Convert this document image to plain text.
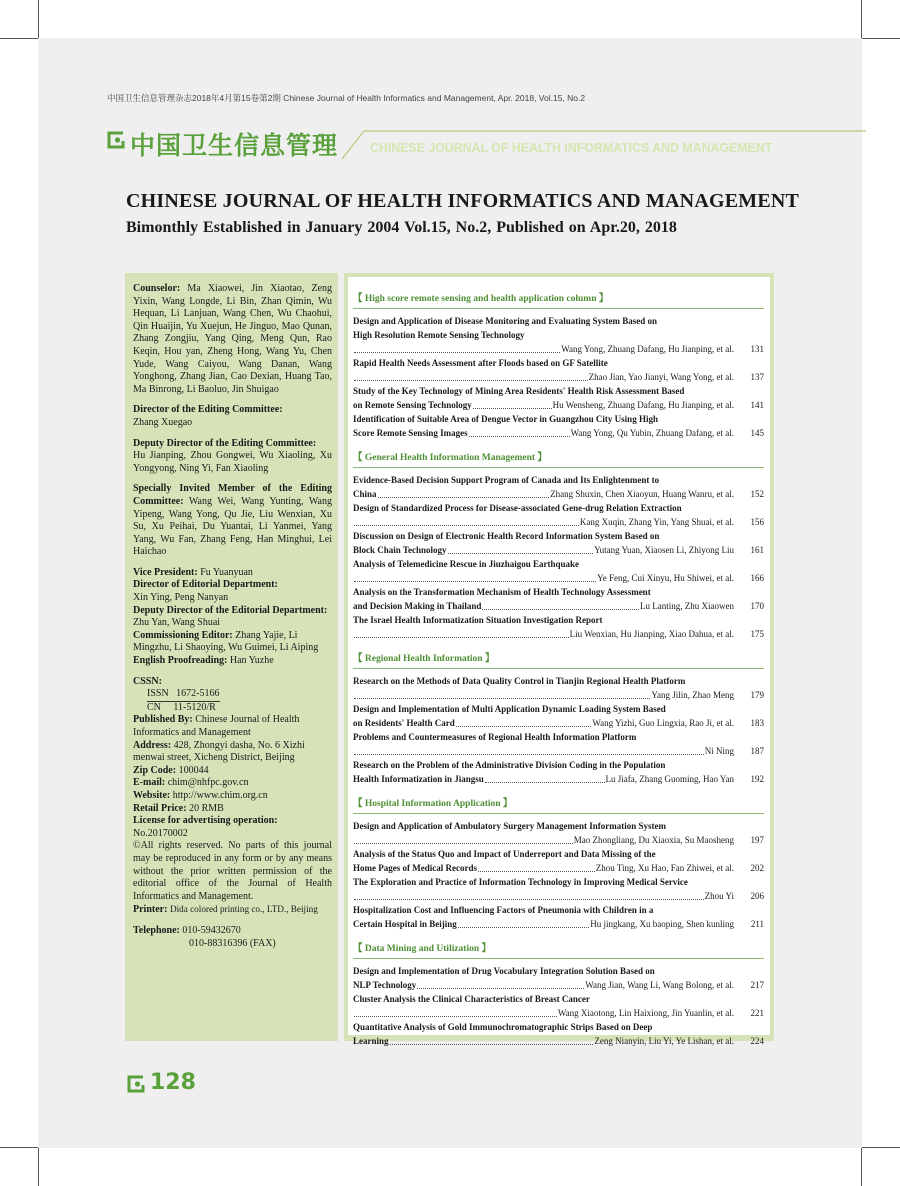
中国卫生信息管理杂志2018年4月第15卷第2期 Chinese Journal of Health Informatics and Management, Apr. 2018, Vol.15, No.2
中国卫生信息管理 CHINESE JOURNAL OF HEALTH INFORMATICS AND MANAGEMENT
CHINESE JOURNAL OF HEALTH INFORMATICS AND MANAGEMENT
Bimonthly Established in January 2004 Vol.15, No.2, Published on Apr.20, 2018
Counselor: Ma Xiaowei, Jin Xiaotao, Zeng Yixin, Wang Longde, Li Bin, Zhan Qimin, Wu Hequan, Li Lanjuan, Wang Chen, Wu Chaohui, Qin Huaijin, Yu Xuejun, He Jinguo, Mao Qunan, Zhang Zongjiu, Yang Qing, Meng Qun, Rao Keqin, Hou yan, Zheng Hong, Wang Yu, Chen Yude, Wang Caiyou, Wang Danan, Wang Yonghong, Zhang Jian, Cao Dexian, Huang Tao, Ma Binrong, Li Baoluo, Jin Shuigao
Director of the Editing Committee:
Zhang Xuegao
Deputy Director of the Editing Committee:
Hu Jianping, Zhou Gongwei, Wu Xiaoling, Xu Yongyong, Ning Yi, Fan Xiaoling
Specially Invited Member of the Editing Committee: Wang Wei, Wang Yunting, Wang Yipeng, Wang Yong, Qu Jie, Liu Wenxian, Xu Su, Xu Peihai, Du Yuantai, Li Yanmei, Yang Yang, Wu Fan, Zhang Feng, Han Minghui, Lei Haichao
Vice President: Fu Yuanyuan
Director of Editorial Department:
Xin Ying, Peng Nanyan
Deputy Director of the Editorial Department: Zhu Yan, Wang Shuai
Commissioning Editor: Zhang Yajie, Li Mingzhu, Li Shaoying, Wu Guimei, Li Aiping
English Proofreading: Han Yuzhe
CSSN:
ISSN   1672-5166
CN     11-5120/R
Published By: Chinese Journal of Health Informatics and Management
Address: 428, Zhongyi dasha, No. 6 Xizhi menwai street, Xicheng District, Beijing
Zip Code: 100044
E-mail: chim@nhfpc.gov.cn
Website: http://www.chim.org.cn
Retail Price: 20 RMB
License for advertising operation:
No.20170002

©All rights reserved. No parts of this journal may be reproduced in any form or by any means without the prior written permission of the editorial office of the Journal of Health Informatics and Management.
Printer: Dida colored printing co., LTD., Beijing
Telephone: 010-59432670
010-88316396 (FAX)
【 High score remote sensing and health application column 】
Design and Application of Disease Monitoring and Evaluating System Based on
High Resolution Remote Sensing Technology
Wang Yong, Zhuang Dafang, Hu Jianping, et al.	131
Rapid Health Needs Assessment after Floods based on GF Satellite
Zhao Jian, Yao Jianyi, Wang Yong, et al.	137
Study of the Key Technology of Mining Area Residents' Health Risk Assessment Based
on Remote Sensing Technology	Hu Wensheng, Zhuang Dafang, Hu Jianping, et al.	141
Identification of Suitable Area of Dengue Vector in Guangzhou City Using High
Score Remote Sensing Images	Wang Yong, Qu Yubin, Zhuang Dafang, et al.	145
【 General Health Information Management 】
Evidence-Based Decision Support Program of Canada and Its Enlightenment to
China	Zhang Shuxin, Chen Xiaoyun, Huang Wanru, et al.	152
Design of Standardized Process for Disease-associated Gene-drug Relation Extraction
Kang Xuqin, Zhang Yin, Yang Shuai, et al.	156
Discussion on Design of Electronic Health Record Information System Based on
Block Chain Technology	Yutang Yuan, Xiaosen Li, Zhiyong Liu	161
Analysis of Telemedicine Rescue in Jiuzhaigou Earthquake
Ye Feng, Cui Xinyu, Hu Shiwei, et al.	166
Analysis on the Transformation Mechanism of Health Technology Assessment
and Decision Making in Thailand	Lu Lanting, Zhu Xiaowen	170
The Israel Health Informatization Situation Investigation Report
Liu Wenxian, Hu Jianping, Xiao Dahua, et al.	175
【 Regional Health Information 】
Research on the Methods of Data Quality Control in Tianjin Regional Health Platform
Yang Jilin, Zhao Meng	179
Design and Implementation of Multi Application Dynamic Loading System Based
on Residents' Health Card	Wang Yizhi, Guo Lingxia, Rao Ji, et al.	183
Problems and Countermeasures of Regional Health Information Platform
Ni Ning	187
Research on the Problem of the Administrative Division Coding in the Population
Health Informatization in Jiangsu	Lu Jiafa, Zhang Guoming, Hao Yan	192
【 Hospital Information Application 】
Design and Application of Ambulatory Surgery Management Information System
Mao Zhongliang, Du Xiaoxia, Su Maosheng	197
Analysis of the Status Quo and Impact of Underreport and Data Missing of the
Home Pages of Medical Records	Zhou Ting, Xu Hao, Fan Zhiwei, et al.	202
The Exploration and Practice of Information Technology in Improving Medical Service
Zhou Yi	206
Hospitalization Cost and Influencing Factors of Pneumonia with Children in a
Certain Hospital in Beijing	Hu jingkang, Xu baoping, Shen kunling	211
【 Data Mining and Utilization 】
Design and Implementation of Drug Vocabulary Integration Solution Based on
NLP Technology	Wang Jian, Wang Li, Wang Bolong, et al.	217
Cluster Analysis the Clinical Characteristics of Breast Cancer
Wang Xiaotong, Lin Haixiong, Jin Yuanlin, et al.	221
Quantitative Analysis of Gold Immunochromatographic Strips Based on Deep
Learning	Zeng Nianyin, Liu Yi, Ye Lishan, et al.	224
128
